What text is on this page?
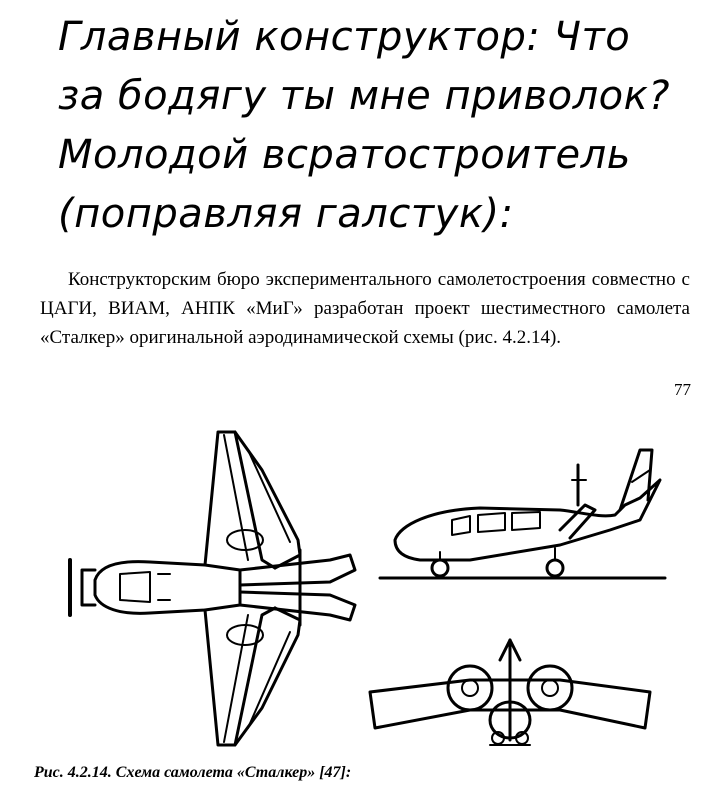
Главный конструктор: Что
за бодягу ты мне приволок?
Молодой всратостроитель
(поправляя галстук):

Конструкторским бюро экспериментального самолетостроения совместно с ЦАГИ, ВИАМ, АНПК «МиГ» разработан проект шестиместного самолета «Сталкер» оригинальной аэродинамической схемы (рис. 4.2.14).

77
Рис. 4.2.14. Схема самолета «Сталкер» [47]:
